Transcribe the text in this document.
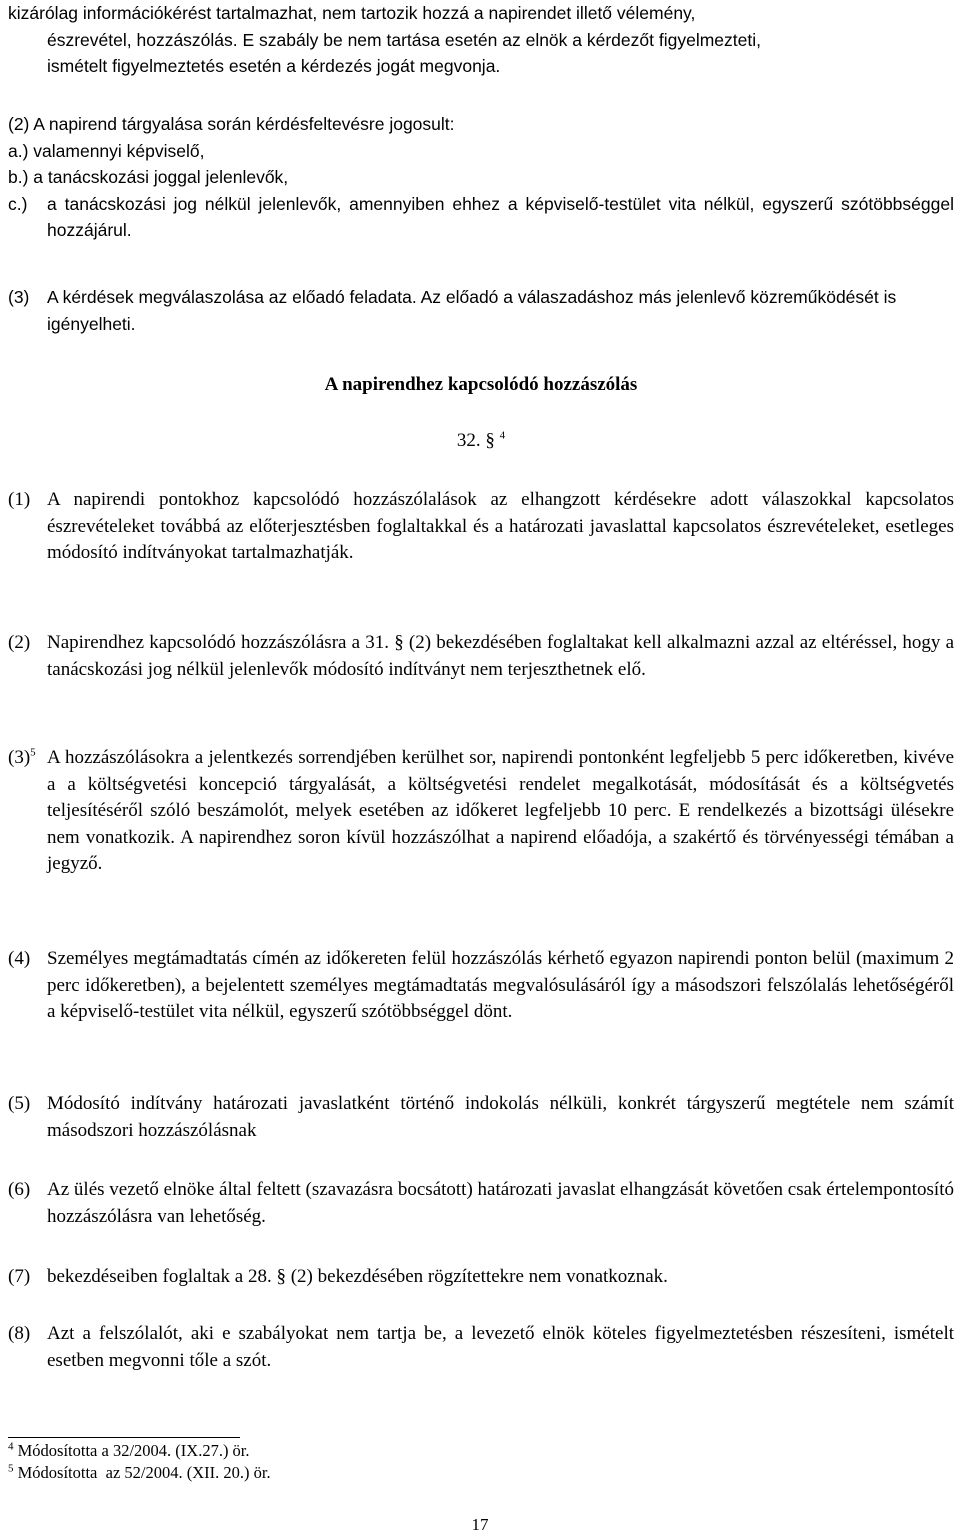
kizárólag információkérést tartalmazhat, nem tartozik hozzá a napirendet illető vélemény,

észrevétel, hozzászólás. E szabály be nem tartása esetén az elnök a kérdezőt figyelmezteti,

ismételt figyelmeztetés esetén a kérdezés jogát megvonja.

(2) A napirend tárgyalása során kérdésfeltevésre jogosult:

a.) valamennyi képviselő,

b.) a tanácskozási joggal jelenlevők,

c.)	a tanácskozási jog nélkül jelenlevők, amennyiben ehhez a képviselő-testület vita nélkül, egyszerű szótöbbséggel hozzájárul.
(3)	A kérdések megválaszolása az előadó feladata. Az előadó a válaszadáshoz más jelenlevő közreműködését is igényelheti.

A napirendhez kapcsolódó hozzászólás

32. § $^4$

(1) A napirendi pontokhoz kapcsolódó hozzászólalások az elhangzott kérdésekre adott válaszokkal kapcsolatos észrevételeket továbbá az előterjesztésben foglaltakkal és a határozati javaslattal kapcsolatos észrevételeket, esetleges módosító indítványokat tartalmazhatják.
(2) Napirendhez kapcsolódó hozzászólásra a 31. § (2) bekezdésében foglaltakat kell alkalmazni azzal az eltéréssel, hogy a tanácskozási jog nélkül jelenlevők módosító indítványt nem terjeszthetnek elő.
$(3)^5$ A hozzászólásokra a jelentkezés sorrendjében kerülhet sor, napirendi pontonként legfeljebb 5 perc időkeretben, kivéve a a költségvetési koncepció tárgyalását, a költségvetési rendelet megalkotását, módosítását és a költségvetés teljesítéséről szóló beszámolót, melyek esetében az időkeret legfeljebb 10 perc. E rendelkezés a bizottsági ülésekre nem vonatkozik. A napirendhez soron kívül hozzászólhat a napirend előadója, a szakértő és törvényességi témában a jegyző.
(4) Személyes megtámadtatás címén az időkereten felül hozzászólás kérhető egyazon napirendi ponton belül (maximum 2 perc időkeretben), a bejelentett személyes megtámadtatás megvalósulásáról így a másodszori felszólalás lehetőségéről a képviselő-testület vita nélkül, egyszerű szótöbbséggel dönt.
(5) Módosító indítvány határozati javaslatként történő indokolás nélküli, konkrét tárgyszerű megtétele nem számít másodszori hozzászólásnak
(6) Az ülés vezető elnöke által feltett (szavazásra bocsátott) határozati javaslat elhangzását követően csak értelempontosító hozzászólásra van lehetőség.
(7) bekezdéseiben foglaltak a 28. § (2) bekezdésében rögzítettekre nem vonatkoznak.
(8) Azt a felszólalót, aki e szabályokat nem tartja be, a levezető elnök köteles figyelmeztetésben részesíteni, ismételt esetben megvonni tőle a szót.

$^4$ Módosította a 32/2004. (IX.27.) ör.

$^5$ Módosította  az 52/2004. (XII. 20.) ör.

17
